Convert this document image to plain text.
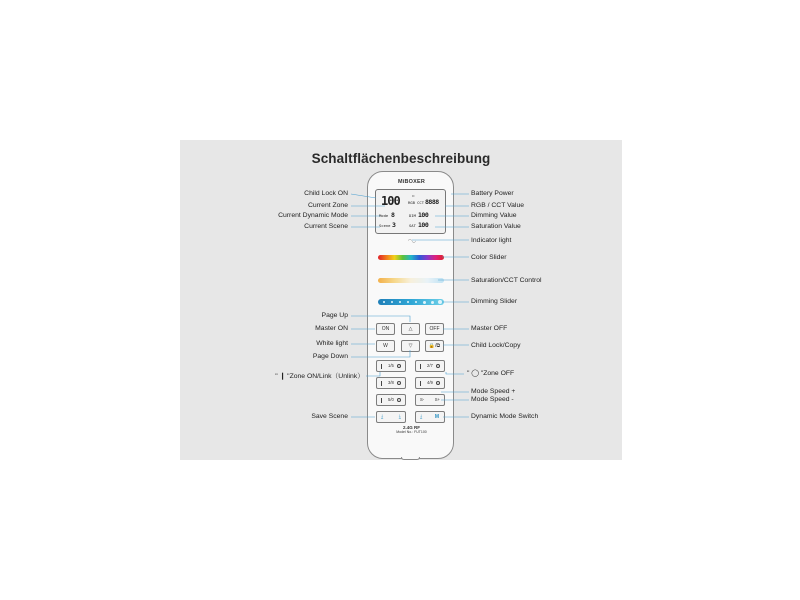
Schaltflächenbeschreibung
Child Lock ON
Current Zone
Current Dynamic Mode
Current Scene
Page Up
Master ON
White light
Page Down
" ❙ "Zone ON/Link（Unlink）
Save Scene
Battery Power
RGB / CCT Value
Dimming Value
Saturation Value
Indicator light
Color Slider
Saturation/CCT Control
Dimming Slider
Master OFF
Child Lock/Copy
" ◯ "Zone OFF
Mode Speed +
Mode Speed -
Dynamic Mode Switch
MiBOXER
100	▭
RGB CCT 8888
Mode 8	DIM 100
Scene 3	SAT 100
◠◡
ON	△	OFF
W	▽	🔒/⧉
1/5	2/7
3/8	4/9
5/0	S-	S+
⤓	⤓	⤓	M
2.4G RF
Model No.: FUT100
